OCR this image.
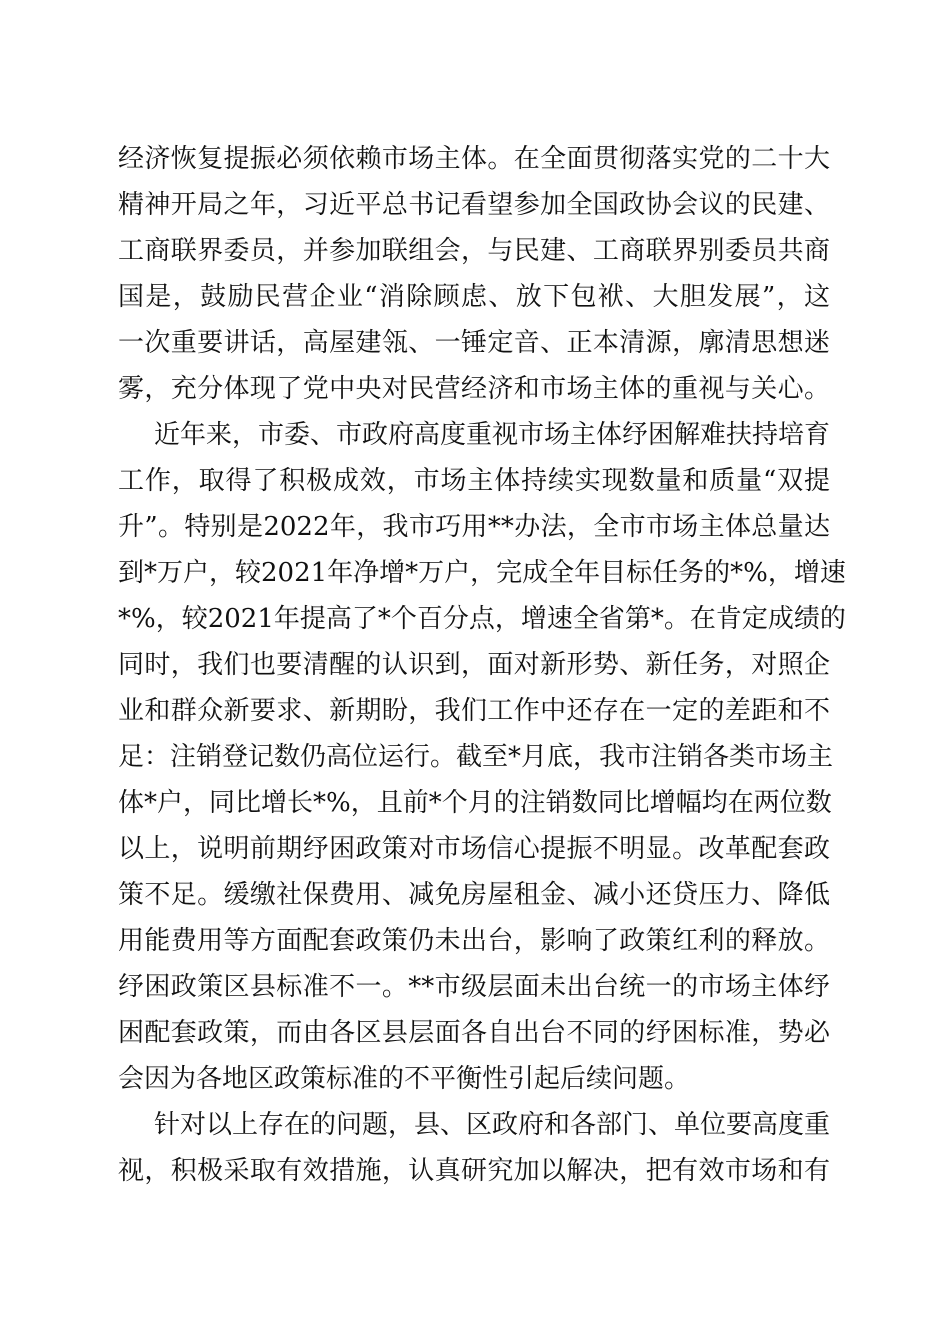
经济恢复提振必须依赖市场主体。在全面贯彻落实党的二十大
精神开局之年，习近平总书记看望参加全国政协会议的民建、
工商联界委员，并参加联组会，与民建、工商联界别委员共商
国是，鼓励民营企业“消除顾虑、放下包袱、大胆发展”，这
一次重要讲话，高屋建瓴、一锤定音、正本清源，廓清思想迷
雾，充分体现了党中央对民营经济和市场主体的重视与关心。
近年来，市委、市政府高度重视市场主体纾困解难扶持培育
工作，取得了积极成效，市场主体持续实现数量和质量“双提
升”。特别是2022年，我市巧用**办法，全市市场主体总量达
到*万户，较2021年净增*万户，完成全年目标任务的*%，增速
*%，较2021年提高了*个百分点，增速全省第*。在肯定成绩的
同时，我们也要清醒的认识到，面对新形势、新任务，对照企
业和群众新要求、新期盼，我们工作中还存在一定的差距和不
足：注销登记数仍高位运行。截至*月底，我市注销各类市场主
体*户，同比增长*%，且前*个月的注销数同比增幅均在两位数
以上，说明前期纾困政策对市场信心提振不明显。改革配套政
策不足。缓缴社保费用、减免房屋租金、减小还贷压力、降低
用能费用等方面配套政策仍未出台，影响了政策红利的释放。
纾困政策区县标准不一。**市级层面未出台统一的市场主体纾
困配套政策，而由各区县层面各自出台不同的纾困标准，势必
会因为各地区政策标准的不平衡性引起后续问题。
针对以上存在的问题，县、区政府和各部门、单位要高度重
视，积极采取有效措施，认真研究加以解决，把有效市场和有
